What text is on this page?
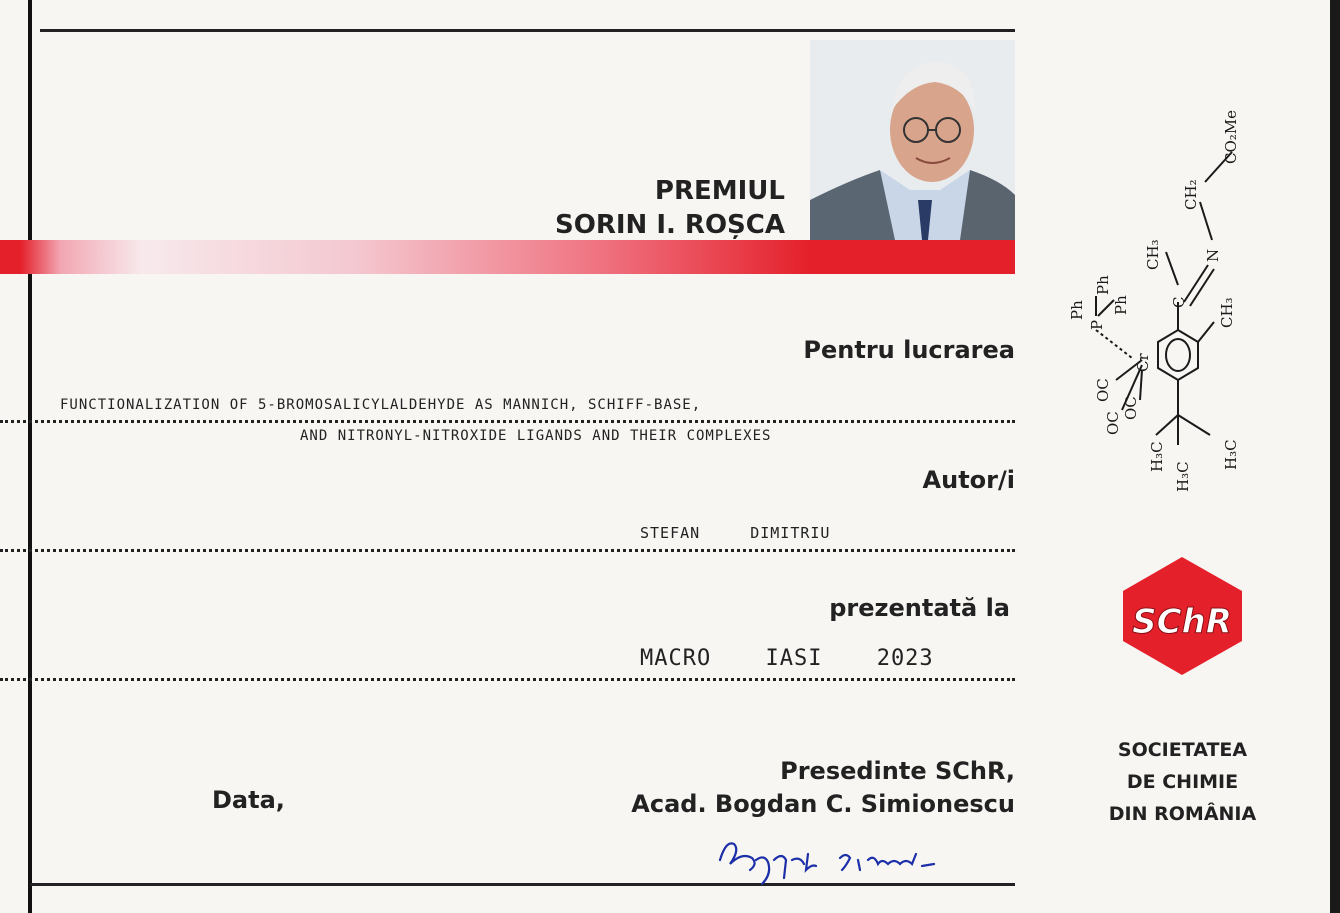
PREMIUL
SORIN I. ROȘCA
Pentru lucrarea
FUNCTIONALIZATION OF 5-BROMOSALICYLALDEHYDE AS MANNICH, SCHIFF-BASE,
AND NITRONYL-NITROXIDE LIGANDS AND THEIR COMPLEXES
Autor/i
STEFAN DIMITRIU
prezentată la
MACRO IASI 2023
Data,
Presedinte SChR,
Acad. Bogdan C. Simionescu
CO₂Me
CH₂
N
CH₃
C CH₃
Ph
Ph
Ph
P
Cr
OC
OC
OC
H₃C
H₃C
H₃C
SChR
SOCIETATEA
DE CHIMIE
DIN ROMÂNIA
